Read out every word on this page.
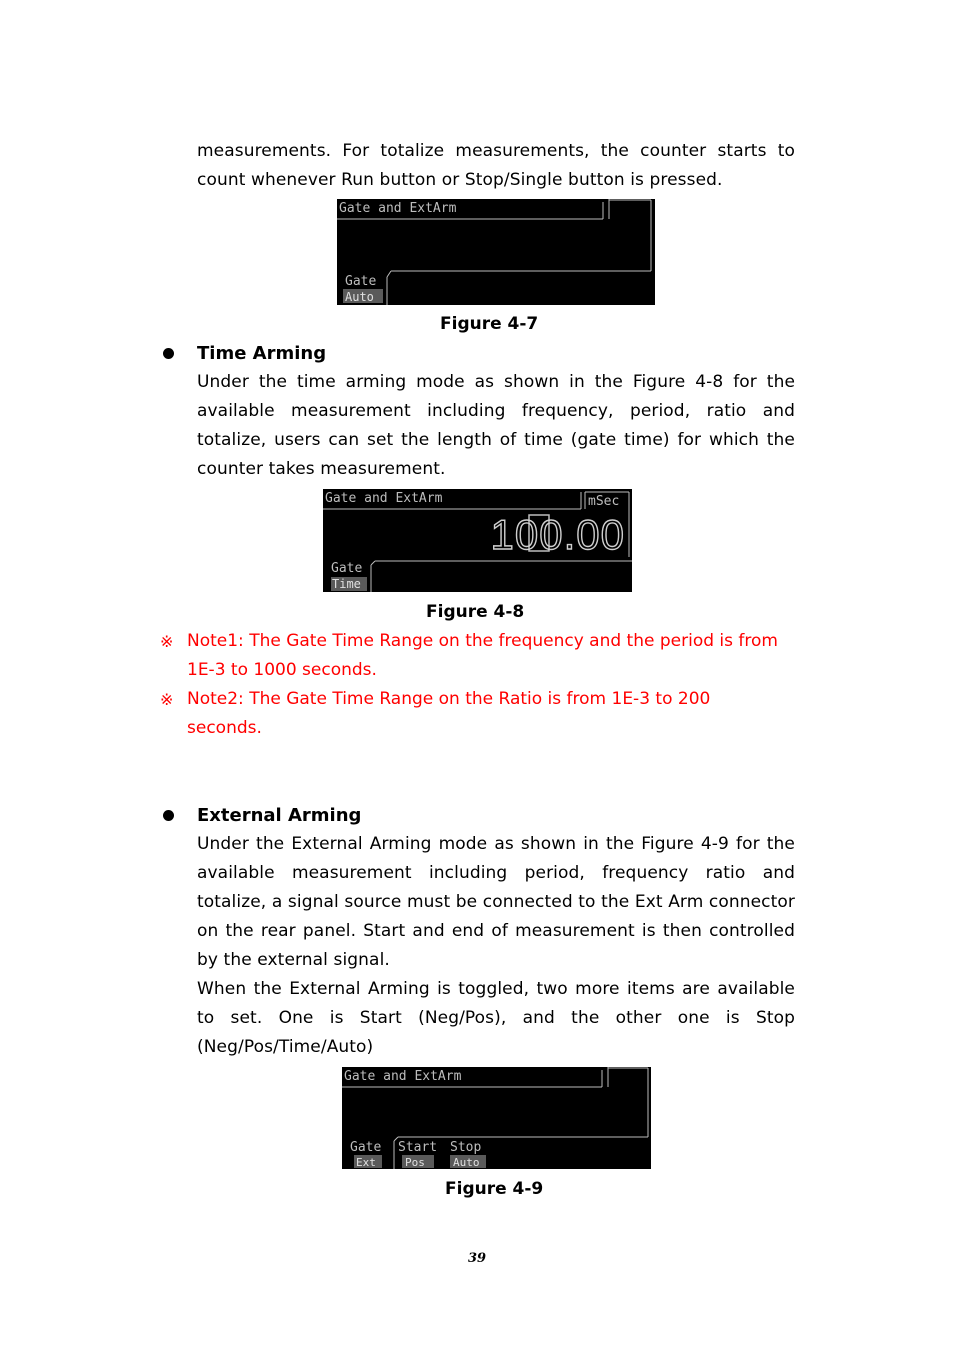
measurements. For totalize measurements, the counter starts to
count whenever Run button or Stop/Single button is pressed.
Gate and ExtArm
Gate
Auto
Figure 4-7
Time Arming
Under the time arming mode as shown in the Figure 4-8 for the
available measurement including frequency, period, ratio and
totalize, users can set the length of time (gate time) for which the
counter takes measurement.
Gate and ExtArm	mSec
100.00
Gate
Time
Figure 4-8
※ Note1: The Gate Time Range on the frequency and the period is from
1E-3 to 1000 seconds.
※ Note2: The Gate Time Range on the Ratio is from 1E-3 to 200
seconds.
External Arming
Under the External Arming mode as shown in the Figure 4-9 for the
available measurement including period, frequency ratio and
totalize, a signal source must be connected to the Ext Arm connector
on the rear panel. Start and end of measurement is then controlled
by the external signal.
When the External Arming is toggled, two more items are available
to set. One is Start (Neg/Pos), and the other one is Stop
(Neg/Pos/Time/Auto)
Gate and ExtArm
Gate Start Stop
Ext	Pos	Auto
Figure 4-9
39
